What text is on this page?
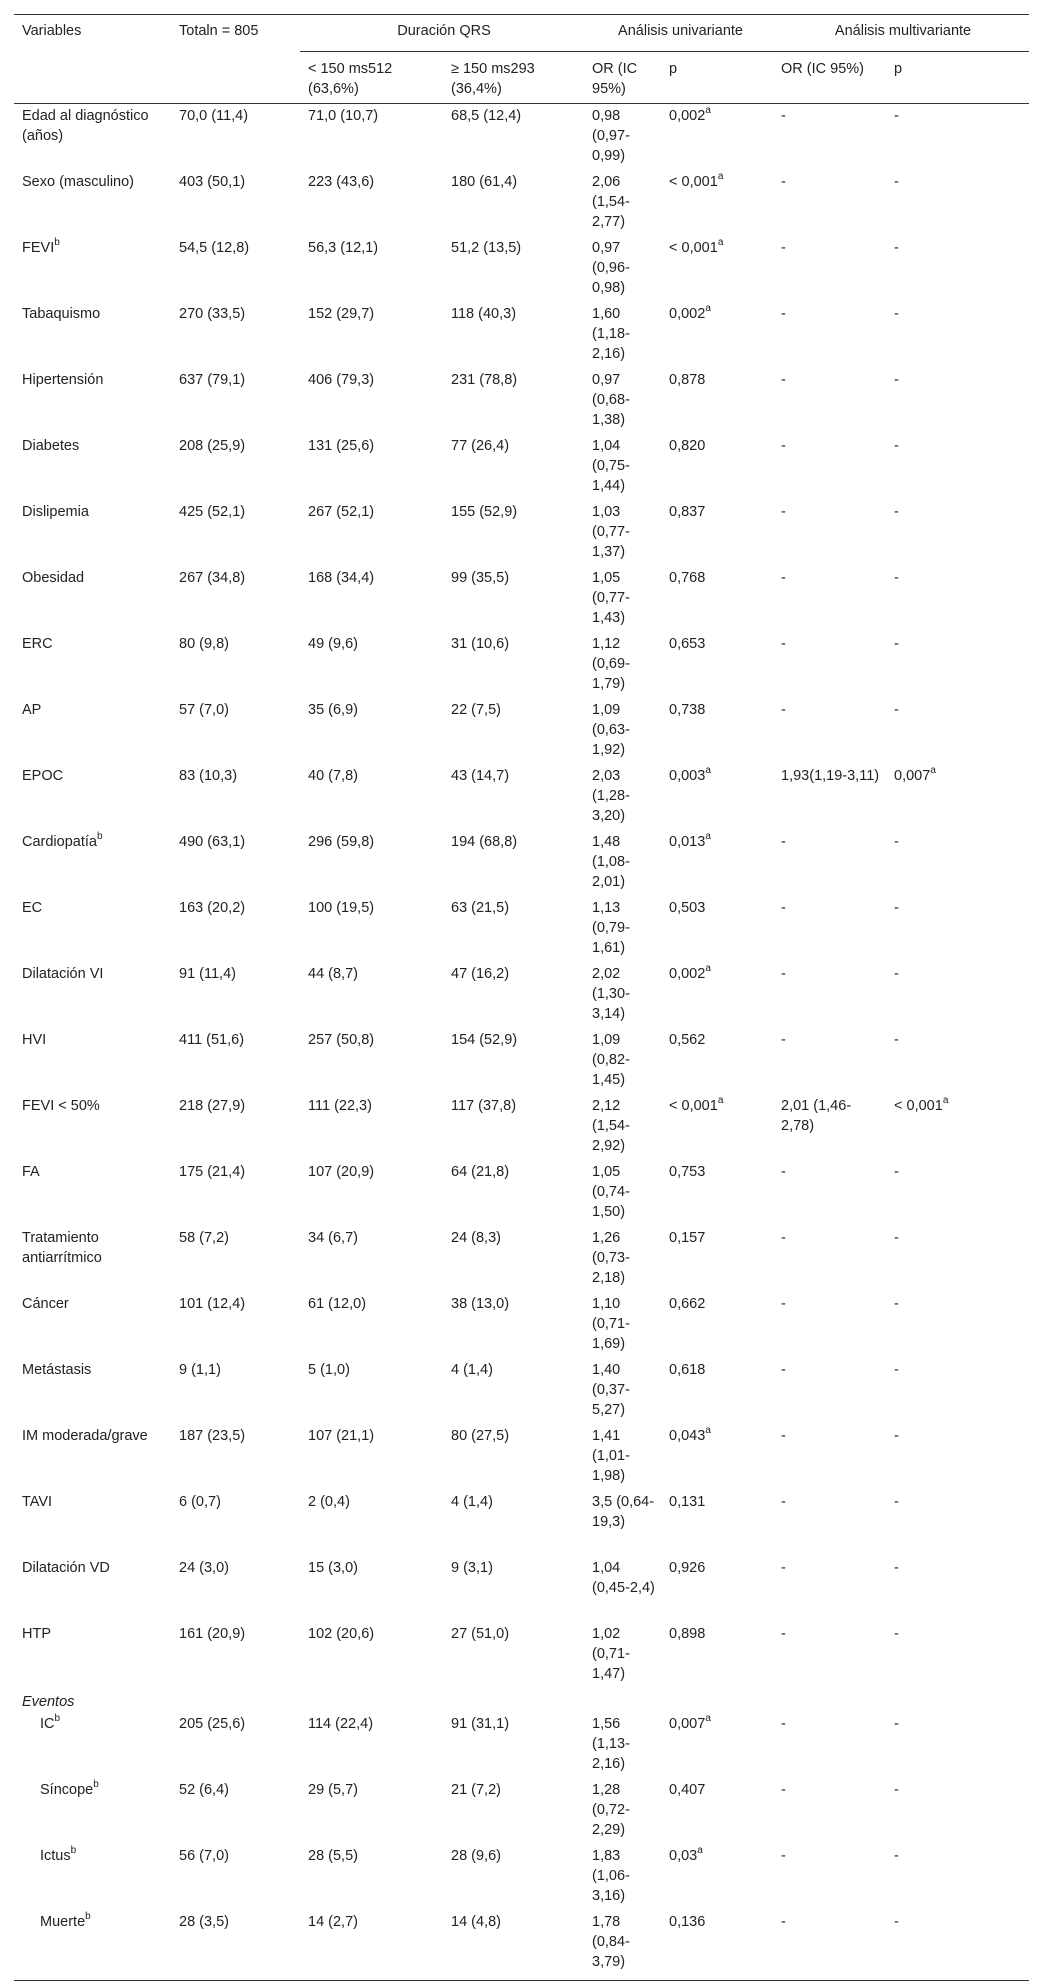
Variables	Totaln = 805	Duración QRS		Análisis univariante		Análisis multivariante	
		< 150 ms512 (63,6%)	≥ 150 ms293 (36,4%)	OR (IC 95%)	p	OR (IC 95%)	p
Edad al diagnóstico (años)	70,0 (11,4)	71,0 (10,7)	68,5 (12,4)	0,98 (0,97-0,99)	0,002$^a$	-	-
Sexo (masculino)	403 (50,1)	223 (43,6)	180 (61,4)	2,06 (1,54-2,77)	< 0,001$^a$	-	-
FEVI$^b$	54,5 (12,8)	56,3 (12,1)	51,2 (13,5)	0,97 (0,96-0,98)	< 0,001$^a$	-	-
Tabaquismo	270 (33,5)	152 (29,7)	118 (40,3)	1,60 (1,18-2,16)	0,002$^a$	-	-
Hipertensión	637 (79,1)	406 (79,3)	231 (78,8)	0,97 (0,68-1,38)	0,878	-	-
Diabetes	208 (25,9)	131 (25,6)	77 (26,4)	1,04 (0,75-1,44)	0,820	-	-
Dislipemia	425 (52,1)	267 (52,1)	155 (52,9)	1,03 (0,77-1,37)	0,837	-	-
Obesidad	267 (34,8)	168 (34,4)	99 (35,5)	1,05 (0,77-1,43)	0,768	-	-
ERC	80 (9,8)	49 (9,6)	31 (10,6)	1,12 (0,69-1,79)	0,653	-	-
AP	57 (7,0)	35 (6,9)	22 (7,5)	1,09 (0,63-1,92)	0,738	-	-
EPOC	83 (10,3)	40 (7,8)	43 (14,7)	2,03 (1,28-3,20)	0,003$^a$	1,93(1,19-3,11)	0,007$^a$
Cardiopatía$^b$	490 (63,1)	296 (59,8)	194 (68,8)	1,48 (1,08-2,01)	0,013$^a$	-	-
EC	163 (20,2)	100 (19,5)	63 (21,5)	1,13 (0,79-1,61)	0,503	-	-
Dilatación VI	91 (11,4)	44 (8,7)	47 (16,2)	2,02 (1,30-3,14)	0,002$^a$	-	-
HVI	411 (51,6)	257 (50,8)	154 (52,9)	1,09 (0,82-1,45)	0,562	-	-
FEVI < 50%	218 (27,9)	111 (22,3)	117 (37,8)	2,12 (1,54-2,92)	< 0,001$^a$	2,01 (1,46-2,78)	< 0,001$^a$
FA	175 (21,4)	107 (20,9)	64 (21,8)	1,05 (0,74-1,50)	0,753	-	-
Tratamiento antiarrítmico	58 (7,2)	34 (6,7)	24 (8,3)	1,26 (0,73-2,18)	0,157	-	-
Cáncer	101 (12,4)	61 (12,0)	38 (13,0)	1,10 (0,71-1,69)	0,662	-	-
Metástasis	9 (1,1)	5 (1,0)	4 (1,4)	1,40 (0,37-5,27)	0,618	-	-
IM moderada/grave	187 (23,5)	107 (21,1)	80 (27,5)	1,41 (1,01-1,98)	0,043$^a$	-	-
TAVI	6 (0,7)	2 (0,4)	4 (1,4)	3,5 (0,64-19,3)	0,131	-	-
Dilatación VD	24 (3,0)	15 (3,0)	9 (3,1)	1,04 (0,45-2,4)	0,926	-	-
HTP	161 (20,9)	102 (20,6)	27 (51,0)	1,02 (0,71-1,47)	0,898	-	-
Eventos							
$IC^b$	205 (25,6)	114 (22,4)	91 (31,1)	1,56 (1,13-2,16)	0,007$^a$	-	-
Síncope$^b$	52 (6,4)	29 (5,7)	21 (7,2)	1,28 (0,72-2,29)	0,407	-	-
Ictus$^b$	56 (7,0)	28 (5,5)	28 (9,6)	1,83 (1,06-3,16)	0,03$^a$	-	-
Muerte$^b$	28 (3,5)	14 (2,7)	14 (4,8)	1,78 (0,84-3,79)	0,136	-	-
